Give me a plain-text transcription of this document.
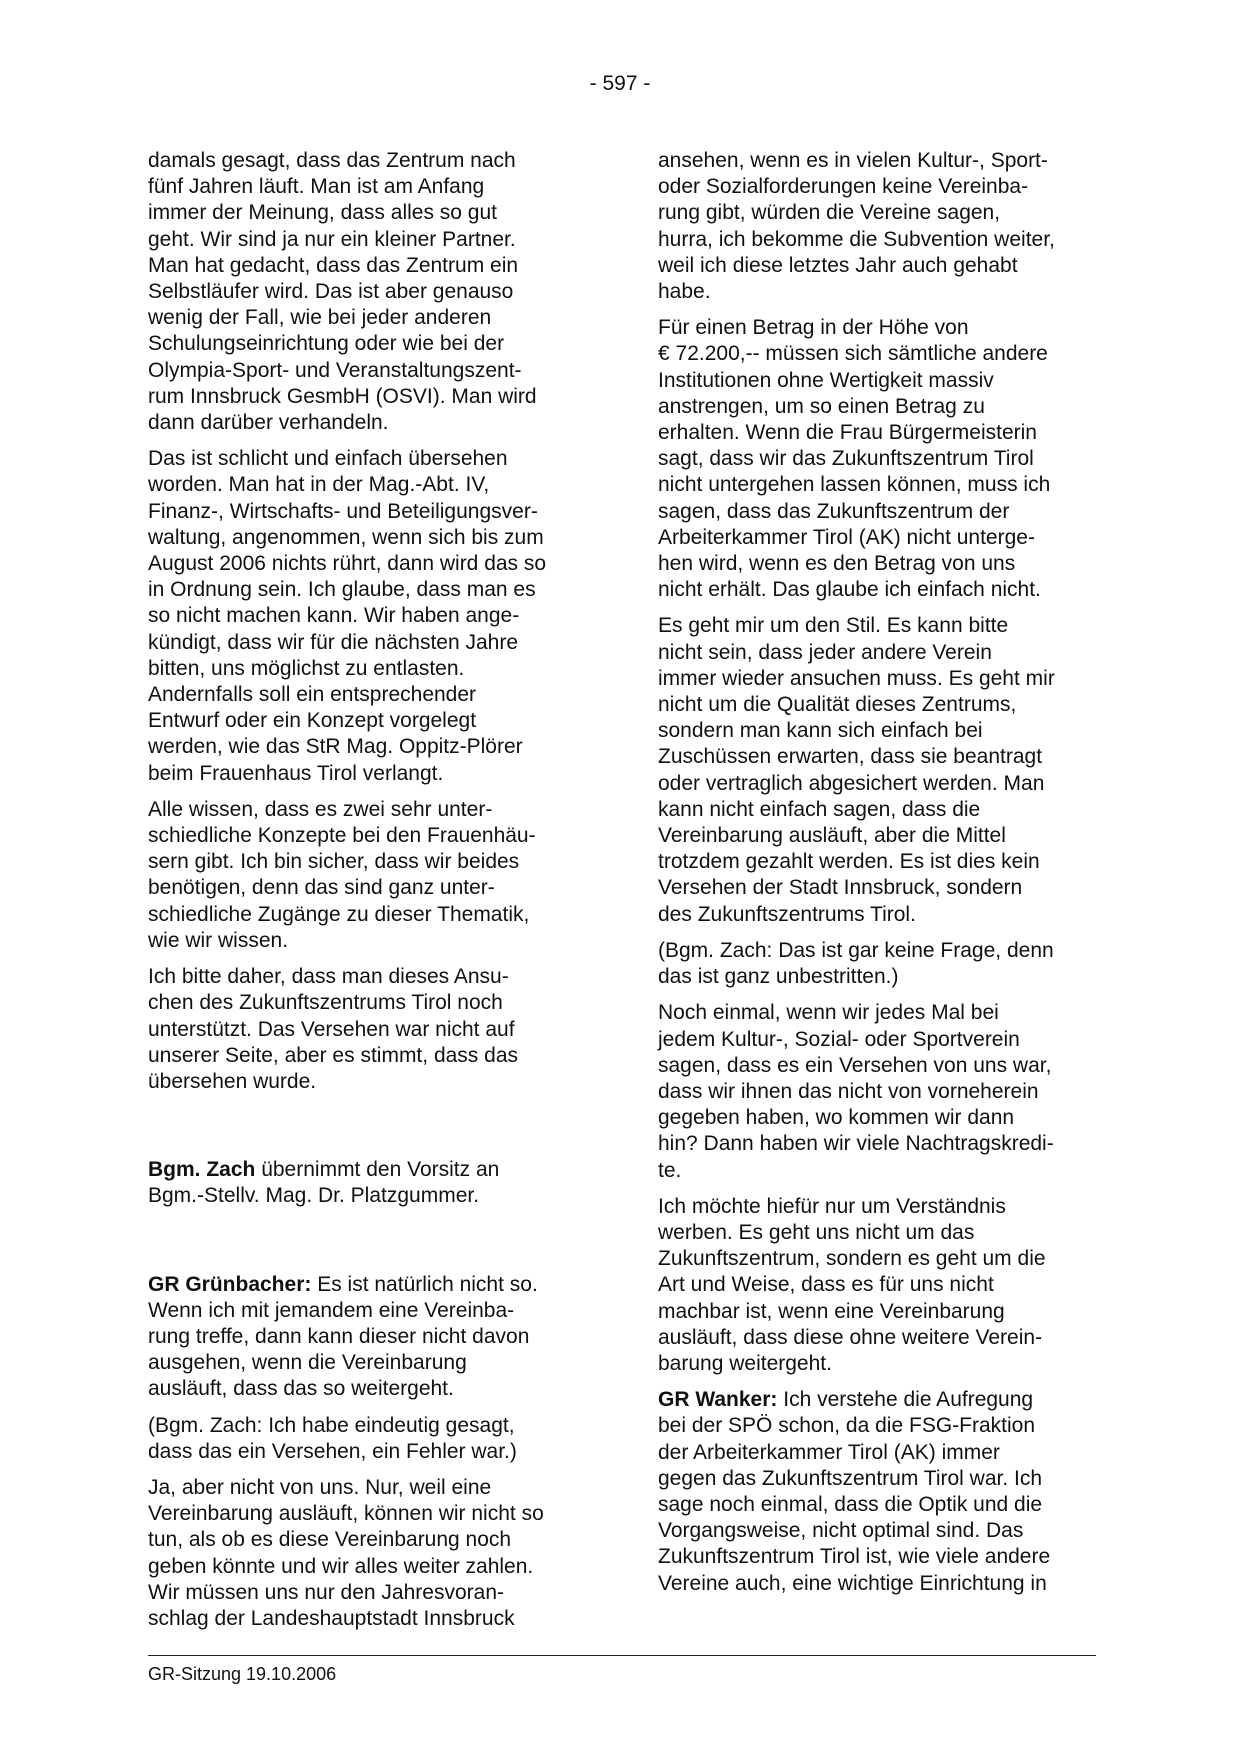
- 597 -

damals gesagt, dass das Zentrum nach
fünf Jahren läuft. Man ist am Anfang
immer der Meinung, dass alles so gut
geht. Wir sind ja nur ein kleiner Partner.
Man hat gedacht, dass das Zentrum ein
Selbstläufer wird. Das ist aber genauso
wenig der Fall, wie bei jeder anderen
Schulungseinrichtung oder wie bei der
Olympia-Sport- und Veranstaltungszent-
rum Innsbruck GesmbH (OSVI). Man wird
dann darüber verhandeln.

Das ist schlicht und einfach übersehen
worden. Man hat in der Mag.-Abt. IV,
Finanz-, Wirtschafts- und Beteiligungsver-
waltung, angenommen, wenn sich bis zum
August 2006 nichts rührt, dann wird das so
in Ordnung sein. Ich glaube, dass man es
so nicht machen kann. Wir haben ange-
kündigt, dass wir für die nächsten Jahre
bitten, uns möglichst zu entlasten.
Andernfalls soll ein entsprechender
Entwurf oder ein Konzept vorgelegt
werden, wie das StR Mag. Oppitz-Plörer
beim Frauenhaus Tirol verlangt.

Alle wissen, dass es zwei sehr unter-
schiedliche Konzepte bei den Frauenhäu-
sern gibt. Ich bin sicher, dass wir beides
benötigen, denn das sind ganz unter-
schiedliche Zugänge zu dieser Thematik,
wie wir wissen.

Ich bitte daher, dass man dieses Ansu-
chen des Zukunftszentrums Tirol noch
unterstützt. Das Versehen war nicht auf
unserer Seite, aber es stimmt, dass das
übersehen wurde.

Bgm. Zach übernimmt den Vorsitz an
Bgm.-Stellv. Mag. Dr. Platzgummer.

GR Grünbacher: Es ist natürlich nicht so.
Wenn ich mit jemandem eine Vereinba-
rung treffe, dann kann dieser nicht davon
ausgehen, wenn die Vereinbarung
ausläuft, dass das so weitergeht.

(Bgm. Zach: Ich habe eindeutig gesagt,
dass das ein Versehen, ein Fehler war.)

Ja, aber nicht von uns. Nur, weil eine
Vereinbarung ausläuft, können wir nicht so
tun, als ob es diese Vereinbarung noch
geben könnte und wir alles weiter zahlen.
Wir müssen uns nur den Jahresvoran-
schlag der Landeshauptstadt Innsbruck

ansehen, wenn es in vielen Kultur-, Sport-
oder Sozialforderungen keine Vereinba-
rung gibt, würden die Vereine sagen,
hurra, ich bekomme die Subvention weiter,
weil ich diese letztes Jahr auch gehabt
habe.

Für einen Betrag in der Höhe von
€ 72.200,-- müssen sich sämtliche andere
Institutionen ohne Wertigkeit massiv
anstrengen, um so einen Betrag zu
erhalten. Wenn die Frau Bürgermeisterin
sagt, dass wir das Zukunftszentrum Tirol
nicht untergehen lassen können, muss ich
sagen, dass das Zukunftszentrum der
Arbeiterkammer Tirol (AK) nicht unterge-
hen wird, wenn es den Betrag von uns
nicht erhält. Das glaube ich einfach nicht.

Es geht mir um den Stil. Es kann bitte
nicht sein, dass jeder andere Verein
immer wieder ansuchen muss. Es geht mir
nicht um die Qualität dieses Zentrums,
sondern man kann sich einfach bei
Zuschüssen erwarten, dass sie beantragt
oder vertraglich abgesichert werden. Man
kann nicht einfach sagen, dass die
Vereinbarung ausläuft, aber die Mittel
trotzdem gezahlt werden. Es ist dies kein
Versehen der Stadt Innsbruck, sondern
des Zukunftszentrums Tirol.

(Bgm. Zach: Das ist gar keine Frage, denn
das ist ganz unbestritten.)

Noch einmal, wenn wir jedes Mal bei
jedem Kultur-, Sozial- oder Sportverein
sagen, dass es ein Versehen von uns war,
dass wir ihnen das nicht von vorneherein
gegeben haben, wo kommen wir dann
hin? Dann haben wir viele Nachtragskredi-
te.

Ich möchte hiefür nur um Verständnis
werben. Es geht uns nicht um das
Zukunftszentrum, sondern es geht um die
Art und Weise, dass es für uns nicht
machbar ist, wenn eine Vereinbarung
ausläuft, dass diese ohne weitere Verein-
barung weitergeht.

GR Wanker: Ich verstehe die Aufregung
bei der SPÖ schon, da die FSG-Fraktion
der Arbeiterkammer Tirol (AK) immer
gegen das Zukunftszentrum Tirol war. Ich
sage noch einmal, dass die Optik und die
Vorgangsweise, nicht optimal sind. Das
Zukunftszentrum Tirol ist, wie viele andere
Vereine auch, eine wichtige Einrichtung in

GR-Sitzung 19.10.2006
